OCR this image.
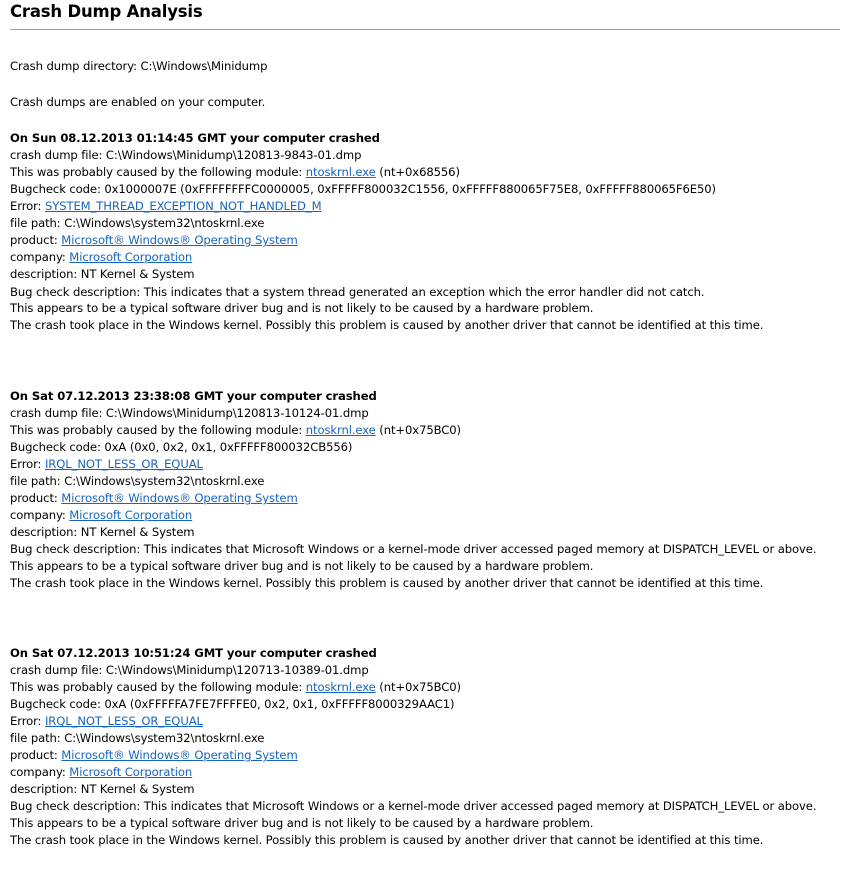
Crash Dump Analysis
Crash dump directory: C:\Windows\Minidump
Crash dumps are enabled on your computer.
On Sun 08.12.2013 01:14:45 GMT your computer crashed
crash dump file: C:\Windows\Minidump\120813-9843-01.dmp
This was probably caused by the following module: ntoskrnl.exe (nt+0x68556)
Bugcheck code: 0x1000007E (0xFFFFFFFFC0000005, 0xFFFFF800032C1556, 0xFFFFF880065F75E8, 0xFFFFF880065F6E50)
Error: SYSTEM_THREAD_EXCEPTION_NOT_HANDLED_M
file path: C:\Windows\system32\ntoskrnl.exe
product: Microsoft® Windows® Operating System
company: Microsoft Corporation
description: NT Kernel & System
Bug check description: This indicates that a system thread generated an exception which the error handler did not catch.
This appears to be a typical software driver bug and is not likely to be caused by a hardware problem.
The crash took place in the Windows kernel. Possibly this problem is caused by another driver that cannot be identified at this time.
On Sat 07.12.2013 23:38:08 GMT your computer crashed
crash dump file: C:\Windows\Minidump\120813-10124-01.dmp
This was probably caused by the following module: ntoskrnl.exe (nt+0x75BC0)
Bugcheck code: 0xA (0x0, 0x2, 0x1, 0xFFFFF800032CB556)
Error: IRQL_NOT_LESS_OR_EQUAL
file path: C:\Windows\system32\ntoskrnl.exe
product: Microsoft® Windows® Operating System
company: Microsoft Corporation
description: NT Kernel & System
Bug check description: This indicates that Microsoft Windows or a kernel-mode driver accessed paged memory at DISPATCH_LEVEL or above.
This appears to be a typical software driver bug and is not likely to be caused by a hardware problem.
The crash took place in the Windows kernel. Possibly this problem is caused by another driver that cannot be identified at this time.
On Sat 07.12.2013 10:51:24 GMT your computer crashed
crash dump file: C:\Windows\Minidump\120713-10389-01.dmp
This was probably caused by the following module: ntoskrnl.exe (nt+0x75BC0)
Bugcheck code: 0xA (0xFFFFFA7FE7FFFFE0, 0x2, 0x1, 0xFFFFF8000329AAC1)
Error: IRQL_NOT_LESS_OR_EQUAL
file path: C:\Windows\system32\ntoskrnl.exe
product: Microsoft® Windows® Operating System
company: Microsoft Corporation
description: NT Kernel & System
Bug check description: This indicates that Microsoft Windows or a kernel-mode driver accessed paged memory at DISPATCH_LEVEL or above.
This appears to be a typical software driver bug and is not likely to be caused by a hardware problem.
The crash took place in the Windows kernel. Possibly this problem is caused by another driver that cannot be identified at this time.
